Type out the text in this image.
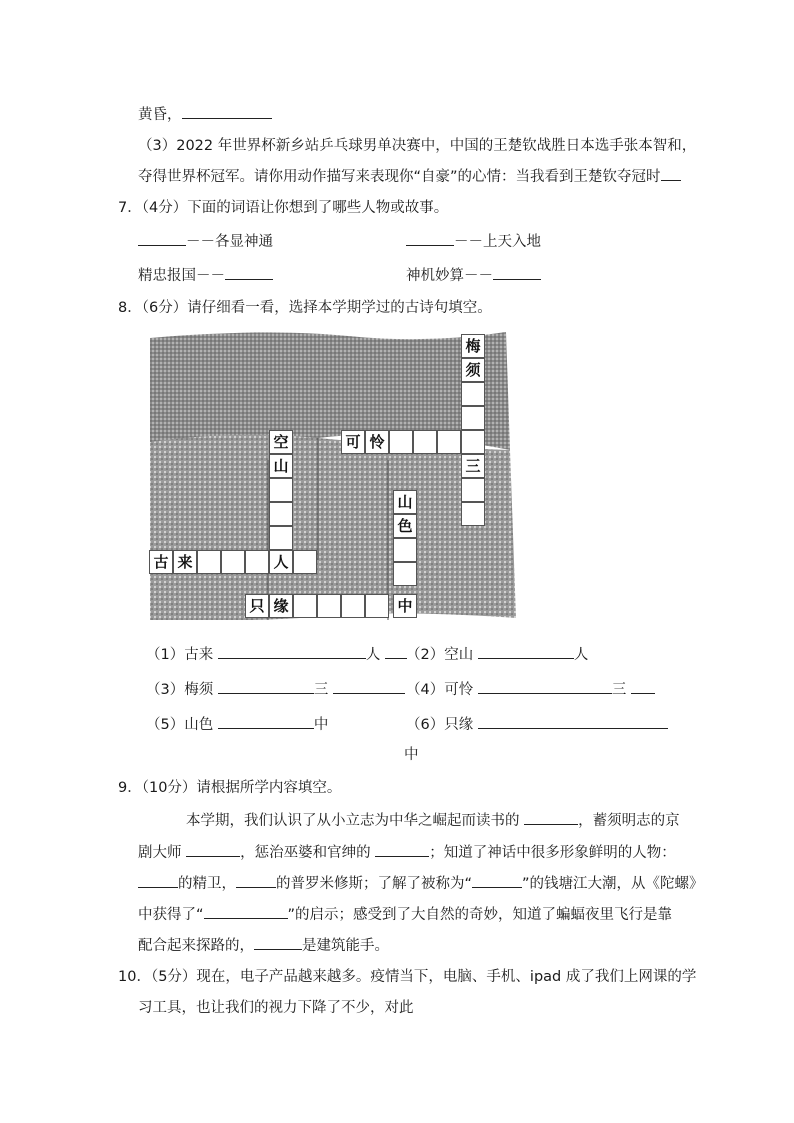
黄昏，
（3）2022 年世界杯新乡站乒乓球男单决赛中，中国的王楚钦战胜日本选手张本智和，
夺得世界杯冠军。请你用动作描写来表现你“自豪”的心情：当我看到王楚钦夺冠时
7．（4分）下面的词语让你想到了哪些人物或故事。
－－各显神通	－－上天入地
精忠报国－－	神机妙算－－
8．（6分）请仔细看一看，选择本学期学过的古诗句填空。
梅
须
可 怜
三
空
山
古 来	人
山
色
只 缘	中
（1）古来	人	（2）空山	人
（3）梅须	三	（4）可怜	三
（5）山色	中	（6）只缘
中
9．（10分）请根据所学内容填空。
本学期，我们认识了从小立志为中华之崛起而读书的	，蓄须明志的京
剧大师	，惩治巫婆和官绅的	；知道了神话中很多形象鲜明的人物：
的精卫，	的普罗米修斯；了解了被称为“	”的钱塘江大潮，从《陀螺》
中获得了“	”的启示；感受到了大自然的奇妙，知道了蝙蝠夜里飞行是靠
配合起来探路的，	是建筑能手。
10．（5分）现在，电子产品越来越多。疫情当下，电脑、手机、ipad 成了我们上网课的学
习工具，也让我们的视力下降了不少，对此
